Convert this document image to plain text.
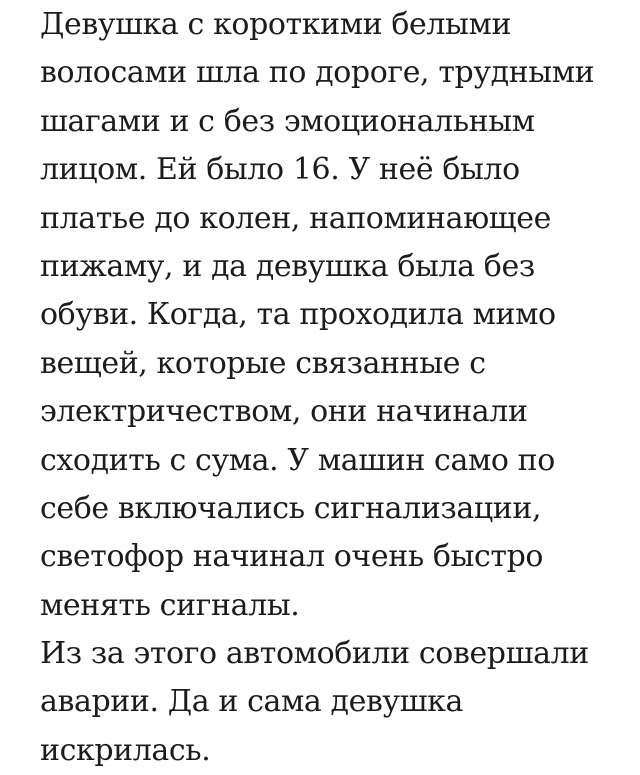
Девушка с короткими белыми
волосами шла по дороге, трудными
шагами и с без эмоциональным
лицом. Ей было 16. У неё было
платье до колен, напоминающее
пижаму, и да девушка была без
обуви. Когда, та проходила мимо
вещей, которые связанные с
электричеством, они начинали
сходить с сума. У машин само по
себе включались сигнализации,
светофор начинал очень быстро
менять сигналы.
Из за этого автомобили совершали
аварии. Да и сама девушка
искрилась.
